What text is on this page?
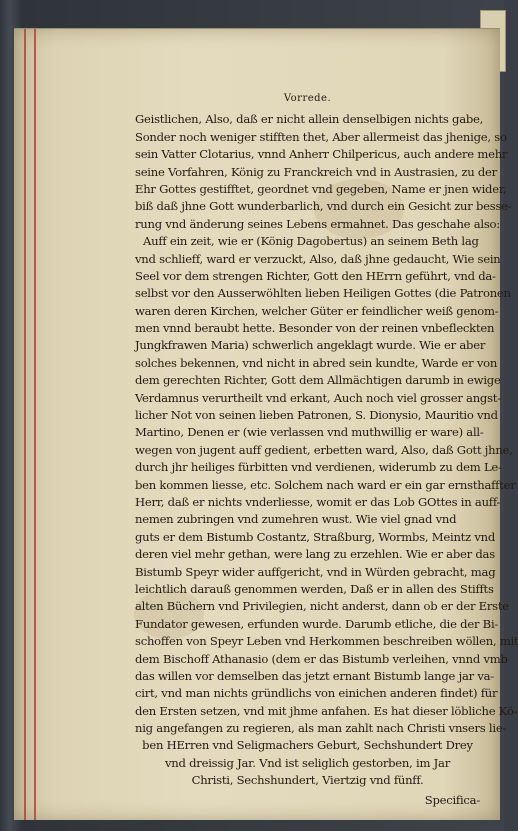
Vorrede.
Geistlichen, Also, daß er nicht allein denselbigen nichts gabe,
Sonder noch weniger stifften thet, Aber allermeist das jhenige, so
sein Vatter Clotarius, vnnd Anherr Chilpericus, auch andere mehr
seine Vorfahren, König zu Franckreich vnd in Austrasien, zu der
Ehr Gottes gestifftet, geordnet vnd gegeben, Name er jnen wider,
biß daß jhne Gott wunderbarlich, vnd durch ein Gesicht zur besse-
rung vnd änderung seines Lebens ermahnet. Das geschahe also:
Auff ein zeit, wie er (König Dagobertus) an seinem Beth lag
vnd schlieff, ward er verzuckt, Also, daß jhne gedaucht, Wie sein
Seel vor dem strengen Richter, Gott den HErrn geführt, vnd da-
selbst vor den Ausserwöhlten lieben Heiligen Gottes (die Patronen
waren deren Kirchen, welcher Güter er feindlicher weiß genom-
men vnnd beraubt hette. Besonder von der reinen vnbefleckten
Jungkfrawen Maria) schwerlich angeklagt wurde. Wie er aber
solches bekennen, vnd nicht in abred sein kundte, Warde er von
dem gerechten Richter, Gott dem Allmächtigen darumb in ewige
Verdamnus verurtheilt vnd erkant, Auch noch viel grosser angst-
licher Not von seinen lieben Patronen, S. Dionysio, Mauritio vnd
Martino, Denen er (wie verlassen vnd muthwillig er ware) all-
wegen von jugent auff gedient, erbetten ward, Also, daß Gott jhne,
durch jhr heiliges fürbitten vnd verdienen, widerumb zu dem Le-
ben kommen liesse, etc. Solchem nach ward er ein gar ernsthaffter
Herr, daß er nichts vnderliesse, womit er das Lob GOttes in auff-
nemen zubringen vnd zumehren wust. Wie viel gnad vnd
guts er dem Bistumb Costantz, Straßburg, Wormbs, Meintz vnd
deren viel mehr gethan, were lang zu erzehlen. Wie er aber das
Bistumb Speyr wider auffgericht, vnd in Würden gebracht, mag
leichtlich darauß genommen werden, Daß er in allen des Stiffts
alten Büchern vnd Privilegien, nicht anderst, dann ob er der Erste
Fundator gewesen, erfunden wurde. Darumb etliche, die der Bi-
schoffen von Speyr Leben vnd Herkommen beschreiben wöllen, mit
dem Bischoff Athanasio (dem er das Bistumb verleihen, vnnd vmb
das willen vor demselben das jetzt ernant Bistumb lange jar va-
cirt, vnd man nichts gründlichs von einichen anderen findet) für
den Ersten setzen, vnd mit jhme anfahen. Es hat dieser löbliche Kö-
nig angefangen zu regieren, als man zahlt nach Christi vnsers lie-
ben HErren vnd Seligmachers Geburt, Sechshundert Drey
vnd dreissig Jar. Vnd ist seliglich gestorben, im Jar
Christi, Sechshundert, Viertzig vnd fünff.
Specifica-
